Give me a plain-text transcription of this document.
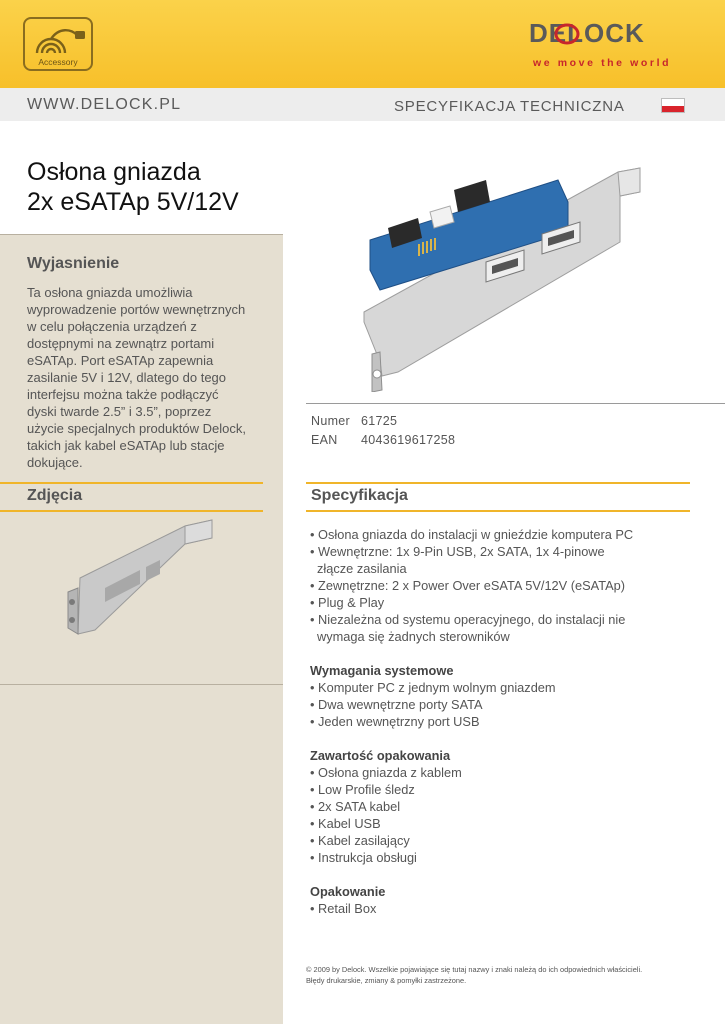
Accessory
DELOCK
we move the world
WWW.DELOCK.PL	SPECYFIKACJA TECHNICZNA
Osłona gniazda
2x eSATAp 5V/12V
Wyjasnienie
Ta osłona gniazda umożliwia
wyprowadzenie portów wewnętrznych
w celu połączenia urządzeń z
dostępnymi na zewnątrz portami
eSATAp. Port eSATAp zapewnia
zasilanie 5V i 12V, dlatego do tego
interfejsu można także podłączyć
dyski twarde 2.5” i 3.5”, poprzez
użycie specjalnych produktów Delock,
takich jak kabel eSATAp lub stacje
dokujące.
Zdjęcia
Numer 61725
EAN 4043619617258
Specyfikacja
• Osłona gniazda do instalacji w gnieździe komputera PC
• Wewnętrzne: 1x 9-Pin USB, 2x SATA, 1x 4-pinowe
złącze zasilania
• Zewnętrzne: 2 x Power Over eSATA 5V/12V (eSATAp)
• Plug & Play
• Niezależna od systemu operacyjnego, do instalacji nie
wymaga się żadnych sterowników
Wymagania systemowe
• Komputer PC z jednym wolnym gniazdem
• Dwa wewnętrzne porty SATA
• Jeden wewnętrzny port USB
Zawartość opakowania
• Osłona gniazda z kablem
• Low Profile śledz
• 2x SATA kabel
• Kabel USB
• Kabel zasilający
• Instrukcja obsługi
Opakowanie
• Retail Box
© 2009 by Delock. Wszelkie pojawiające się tutaj nazwy i znaki należą do ich odpowiednich właścicieli.
Błędy drukarskie, zmiany & pomyłki zastrzeżone.
